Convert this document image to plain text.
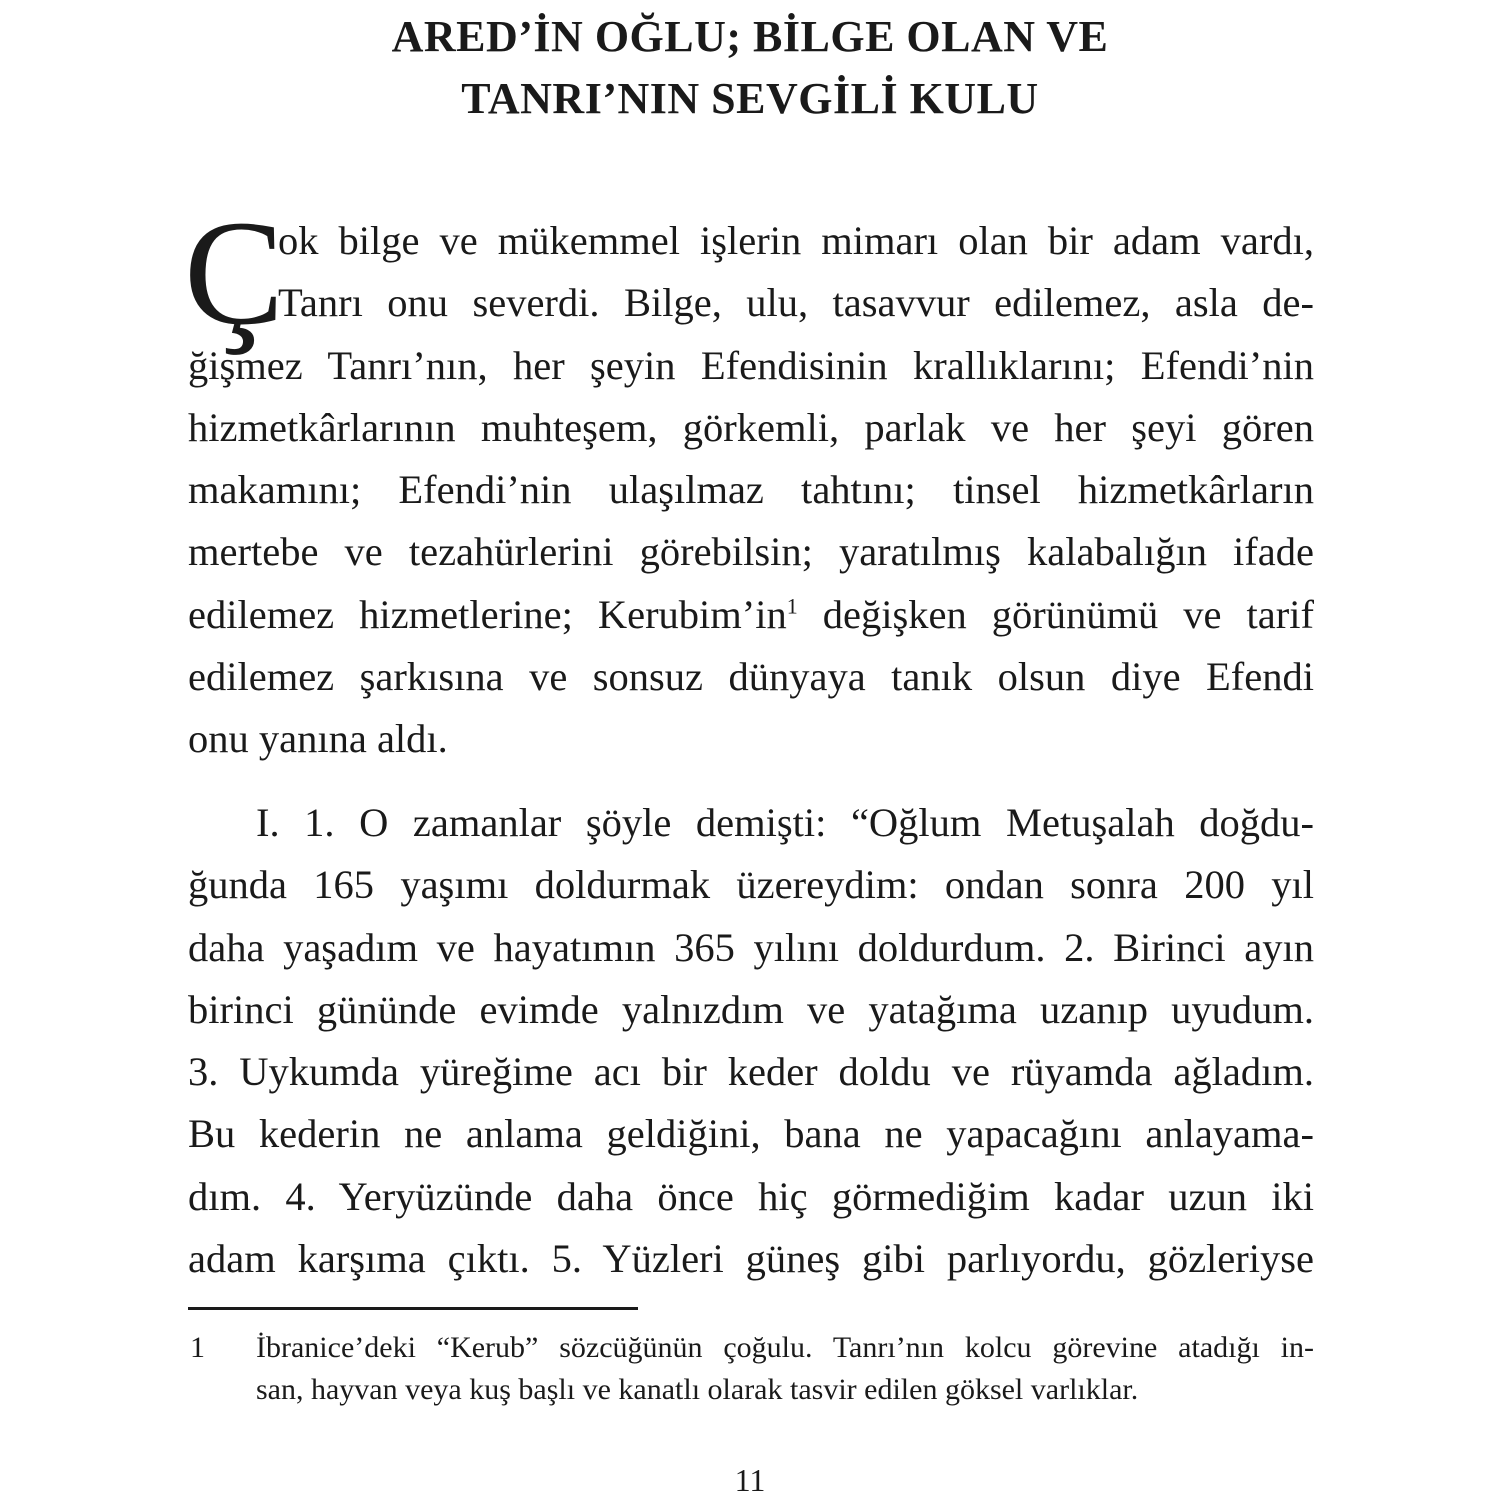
ARED’İN OĞLU; BİLGE OLAN VE
TANRI’NIN SEVGİLİ KULU
Ç
ok bilge ve mükemmel işlerin mimarı olan bir adam vardı,
Tanrı onu severdi. Bilge, ulu, tasavvur edilemez, asla de-
ğişmez Tanrı’nın, her şeyin Efendisinin krallıklarını; Efendi’nin
hizmetkârlarının muhteşem, görkemli, parlak ve her şeyi gören
makamını; Efendi’nin ulaşılmaz tahtını; tinsel hizmetkârların
mertebe ve tezahürlerini görebilsin; yaratılmış kalabalığın ifade
edilemez hizmetlerine; $Kerubim’in^1$ değişken görünümü ve tarif
edilemez şarkısına ve sonsuz dünyaya tanık olsun diye Efendi
onu yanına aldı.
I. 1. O zamanlar şöyle demişti: “Oğlum Metuşalah doğdu-
ğunda 165 yaşımı doldurmak üzereydim: ondan sonra 200 yıl
daha yaşadım ve hayatımın 365 yılını doldurdum. 2. Birinci ayın
birinci gününde evimde yalnızdım ve yatağıma uzanıp uyudum.
3. Uykumda yüreğime acı bir keder doldu ve rüyamda ağladım.
Bu kederin ne anlama geldiğini, bana ne yapacağını anlayama-
dım. 4. Yeryüzünde daha önce hiç görmediğim kadar uzun iki
adam karşıma çıktı. 5. Yüzleri güneş gibi parlıyordu, gözleriyse
1 İbranice’deki “Kerub” sözcüğünün çoğulu. Tanrı’nın kolcu görevine atadığı in-
san, hayvan veya kuş başlı ve kanatlı olarak tasvir edilen göksel varlıklar.
11
